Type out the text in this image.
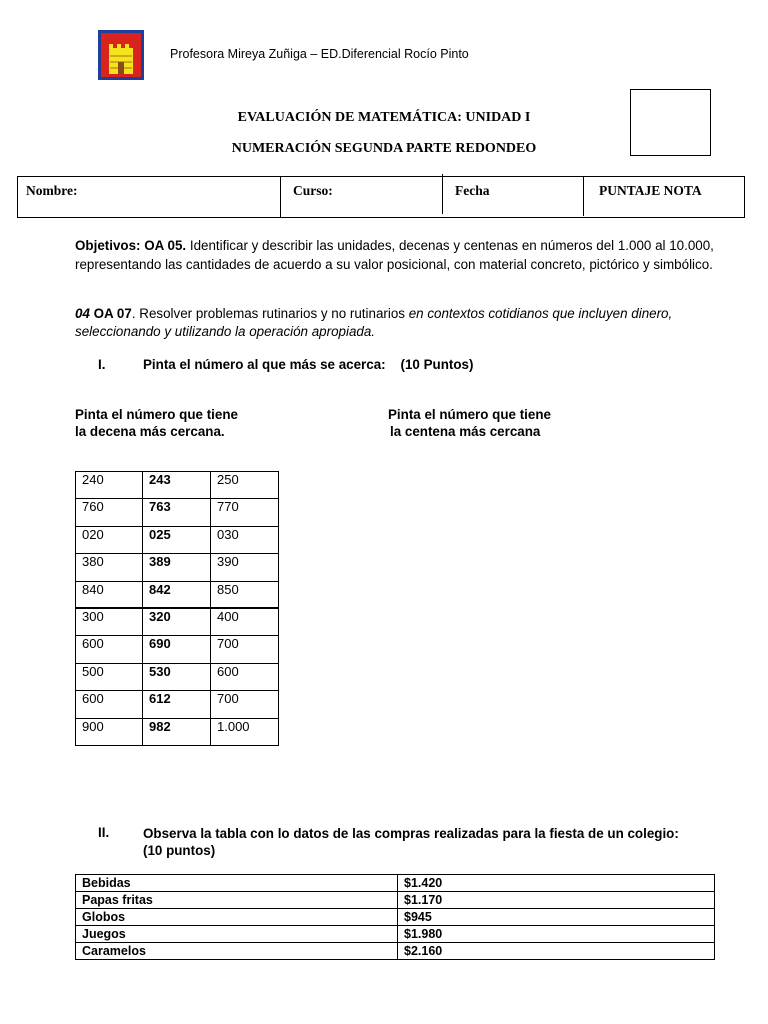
Profesora Mireya Zuñiga – ED.Diferencial Rocío Pinto
EVALUACIÓN DE MATEMÁTICA: UNIDAD I
NUMERACIÓN SEGUNDA PARTE REDONDEO
Nombre:	Curso:	Fecha	PUNTAJE NOTA
Objetivos: OA 05. Identificar y describir las unidades, decenas y centenas en números del 1.000 al 10.000, representando las cantidades de acuerdo a su valor posicional, con material concreto, pictórico y simbólico.
04 OA 07. Resolver problemas rutinarios y no rutinarios en contextos cotidianos que incluyen dinero, seleccionando y utilizando la operación apropiada.
I.	Pinta el número al que más se acerca:    (10 Puntos)
Pinta el número que tiene
la decena más cercana.
Pinta el número que tiene
la centena más cercana
240	243	250
760	763	770
020	025	030
380	389	390
840	842	850
300	320	400
600	690	700
500	530	600
600	612	700
900	982	1.000
II.	Observa la tabla con lo datos de las compras realizadas para la fiesta de un colegio:
(10 puntos)
Bebidas	$1.420
Papas fritas	$1.170
Globos	$945
Juegos	$1.980
Caramelos	$2.160
